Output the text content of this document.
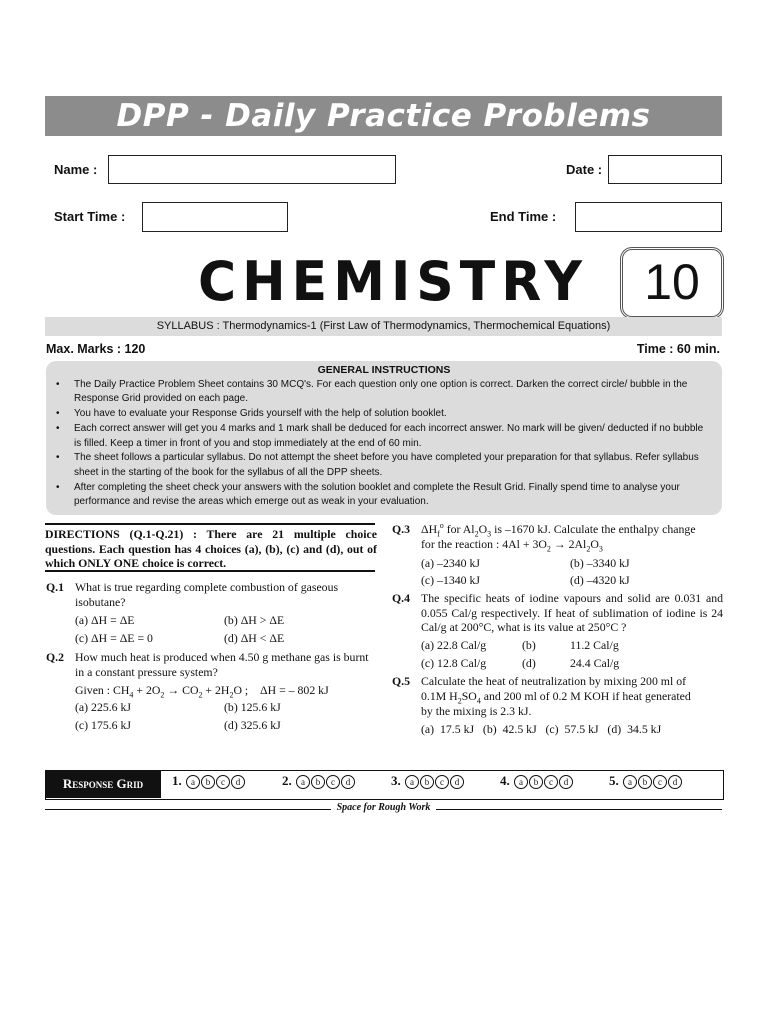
DPP - Daily Practice Problems
Name :	Date :
Start Time :	End Time :
CHEMISTRY	10
SYLLABUS : Thermodynamics-1 (First Law of Thermodynamics, Thermochemical Equations)
Max. Marks : 120	Time : 60 min.
GENERAL INSTRUCTIONS
• The Daily Practice Problem Sheet contains 30 MCQ's. For each question only one option is correct. Darken the correct circle/ bubble in the Response Grid provided on each page.
• You have to evaluate your Response Grids yourself with the help of solution booklet.
• Each correct answer will get you 4 marks and 1 mark shall be deduced for each incorrect answer. No mark will be given/ deducted if no bubble is filled. Keep a timer in front of you and stop immediately at the end of 60 min.
• The sheet follows a particular syllabus. Do not attempt the sheet before you have completed your preparation for that syllabus. Refer syllabus sheet in the starting of the book for the syllabus of all the DPP sheets.
• After completing the sheet check your answers with the solution booklet and complete the Result Grid. Finally spend time to analyse your performance and revise the areas which emerge out as weak in your evaluation.
DIRECTIONS (Q.1-Q.21) : There are 21 multiple choice questions. Each question has 4 choices (a), (b), (c) and (d), out of which ONLY ONE choice is correct.
Q.1 What is true regarding complete combustion of gaseous isobutane?
(a) ΔH = ΔE	(b) ΔH > ΔE
(c) ΔH = ΔE = 0	(d) ΔH < ΔE
Q.2 How much heat is produced when 4.50 g methane gas is burnt in a constant pressure system?
Given : $CH_4 + 2O_2 \to CO_2 + 2H_2O$ ;    ΔH = – 802 kJ
(a) 225.6 kJ	(b) 125.6 kJ
(c) 175.6 kJ	(d) 325.6 kJ
Q.3 $\Delta H_f^o$ for $Al_2O_3$ is –1670 kJ. Calculate the enthalpy change
for the reaction : $4Al + 3O_2 \to 2Al_2O_3$
(a) –2340 kJ	(b) –3340 kJ
(c) –1340 kJ	(d) –4320 kJ
Q.4 The specific heats of iodine vapours and solid are 0.031 and 0.055 Cal/g respectively. If heat of sublimation of iodine is 24 Cal/g at 200°C, what is its value at 250°C ?
(a) 22.8 Cal/g	(b)	11.2 Cal/g
(c) 12.8 Cal/g	(d)	24.4 Cal/g
Q.5 Calculate the heat of neutralization by mixing 200 ml of
0.1M $H_2SO_4$ and 200 ml of 0.2 M KOH if heat generated
by the mixing is 2.3 kJ.
(a)  17.5 kJ   (b)  42.5 kJ   (c)  57.5 kJ   (d)  34.5 kJ
Response Grid	1. a b c d	2. a b c d	3. a b c d	4. a b c d	5. a b c d
Space for Rough Work
